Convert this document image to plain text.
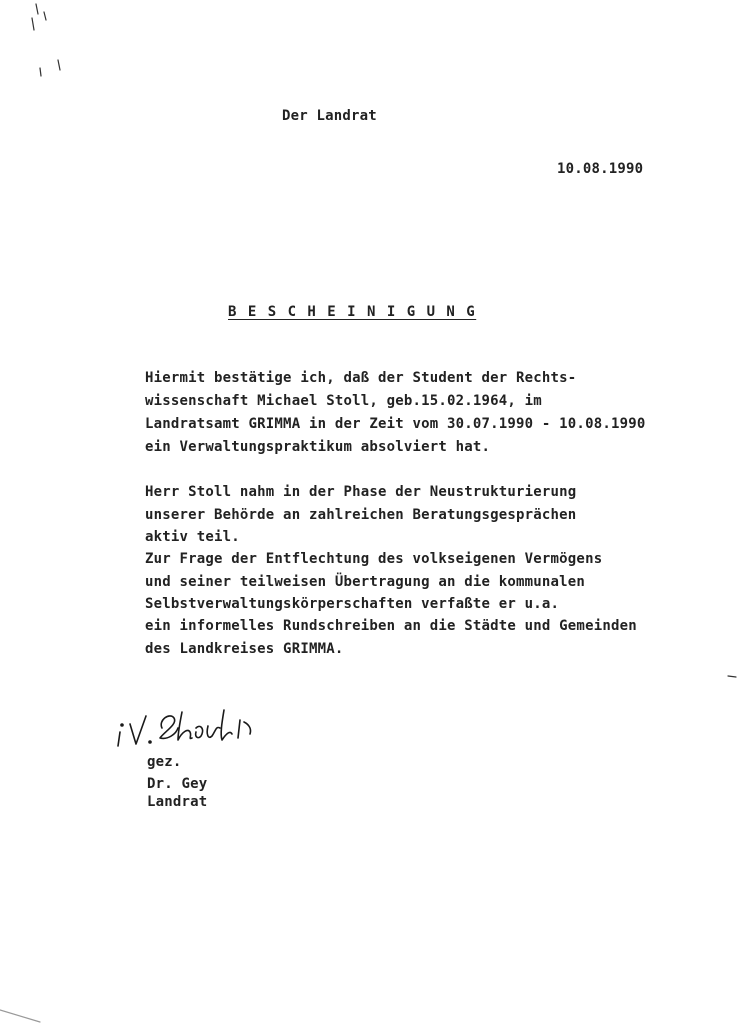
Der Landrat
10.08.1990
B E S C H E I N I G U N G
Hiermit bestätige ich, daß der Student der Rechts-
wissenschaft Michael Stoll, geb.15.02.1964, im
Landratsamt GRIMMA in der Zeit vom 30.07.1990 - 10.08.1990
ein Verwaltungspraktikum absolviert hat.
Herr Stoll nahm in der Phase der Neustrukturierung
unserer Behörde an zahlreichen Beratungsgesprächen
aktiv teil.
Zur Frage der Entflechtung des volkseigenen Vermögens
und seiner teilweisen Übertragung an die kommunalen
Selbstverwaltungskörperschaften verfaßte er u.a.
ein informelles Rundschreiben an die Städte und Gemeinden
des Landkreises GRIMMA.
gez.
Dr. Gey
Landrat
